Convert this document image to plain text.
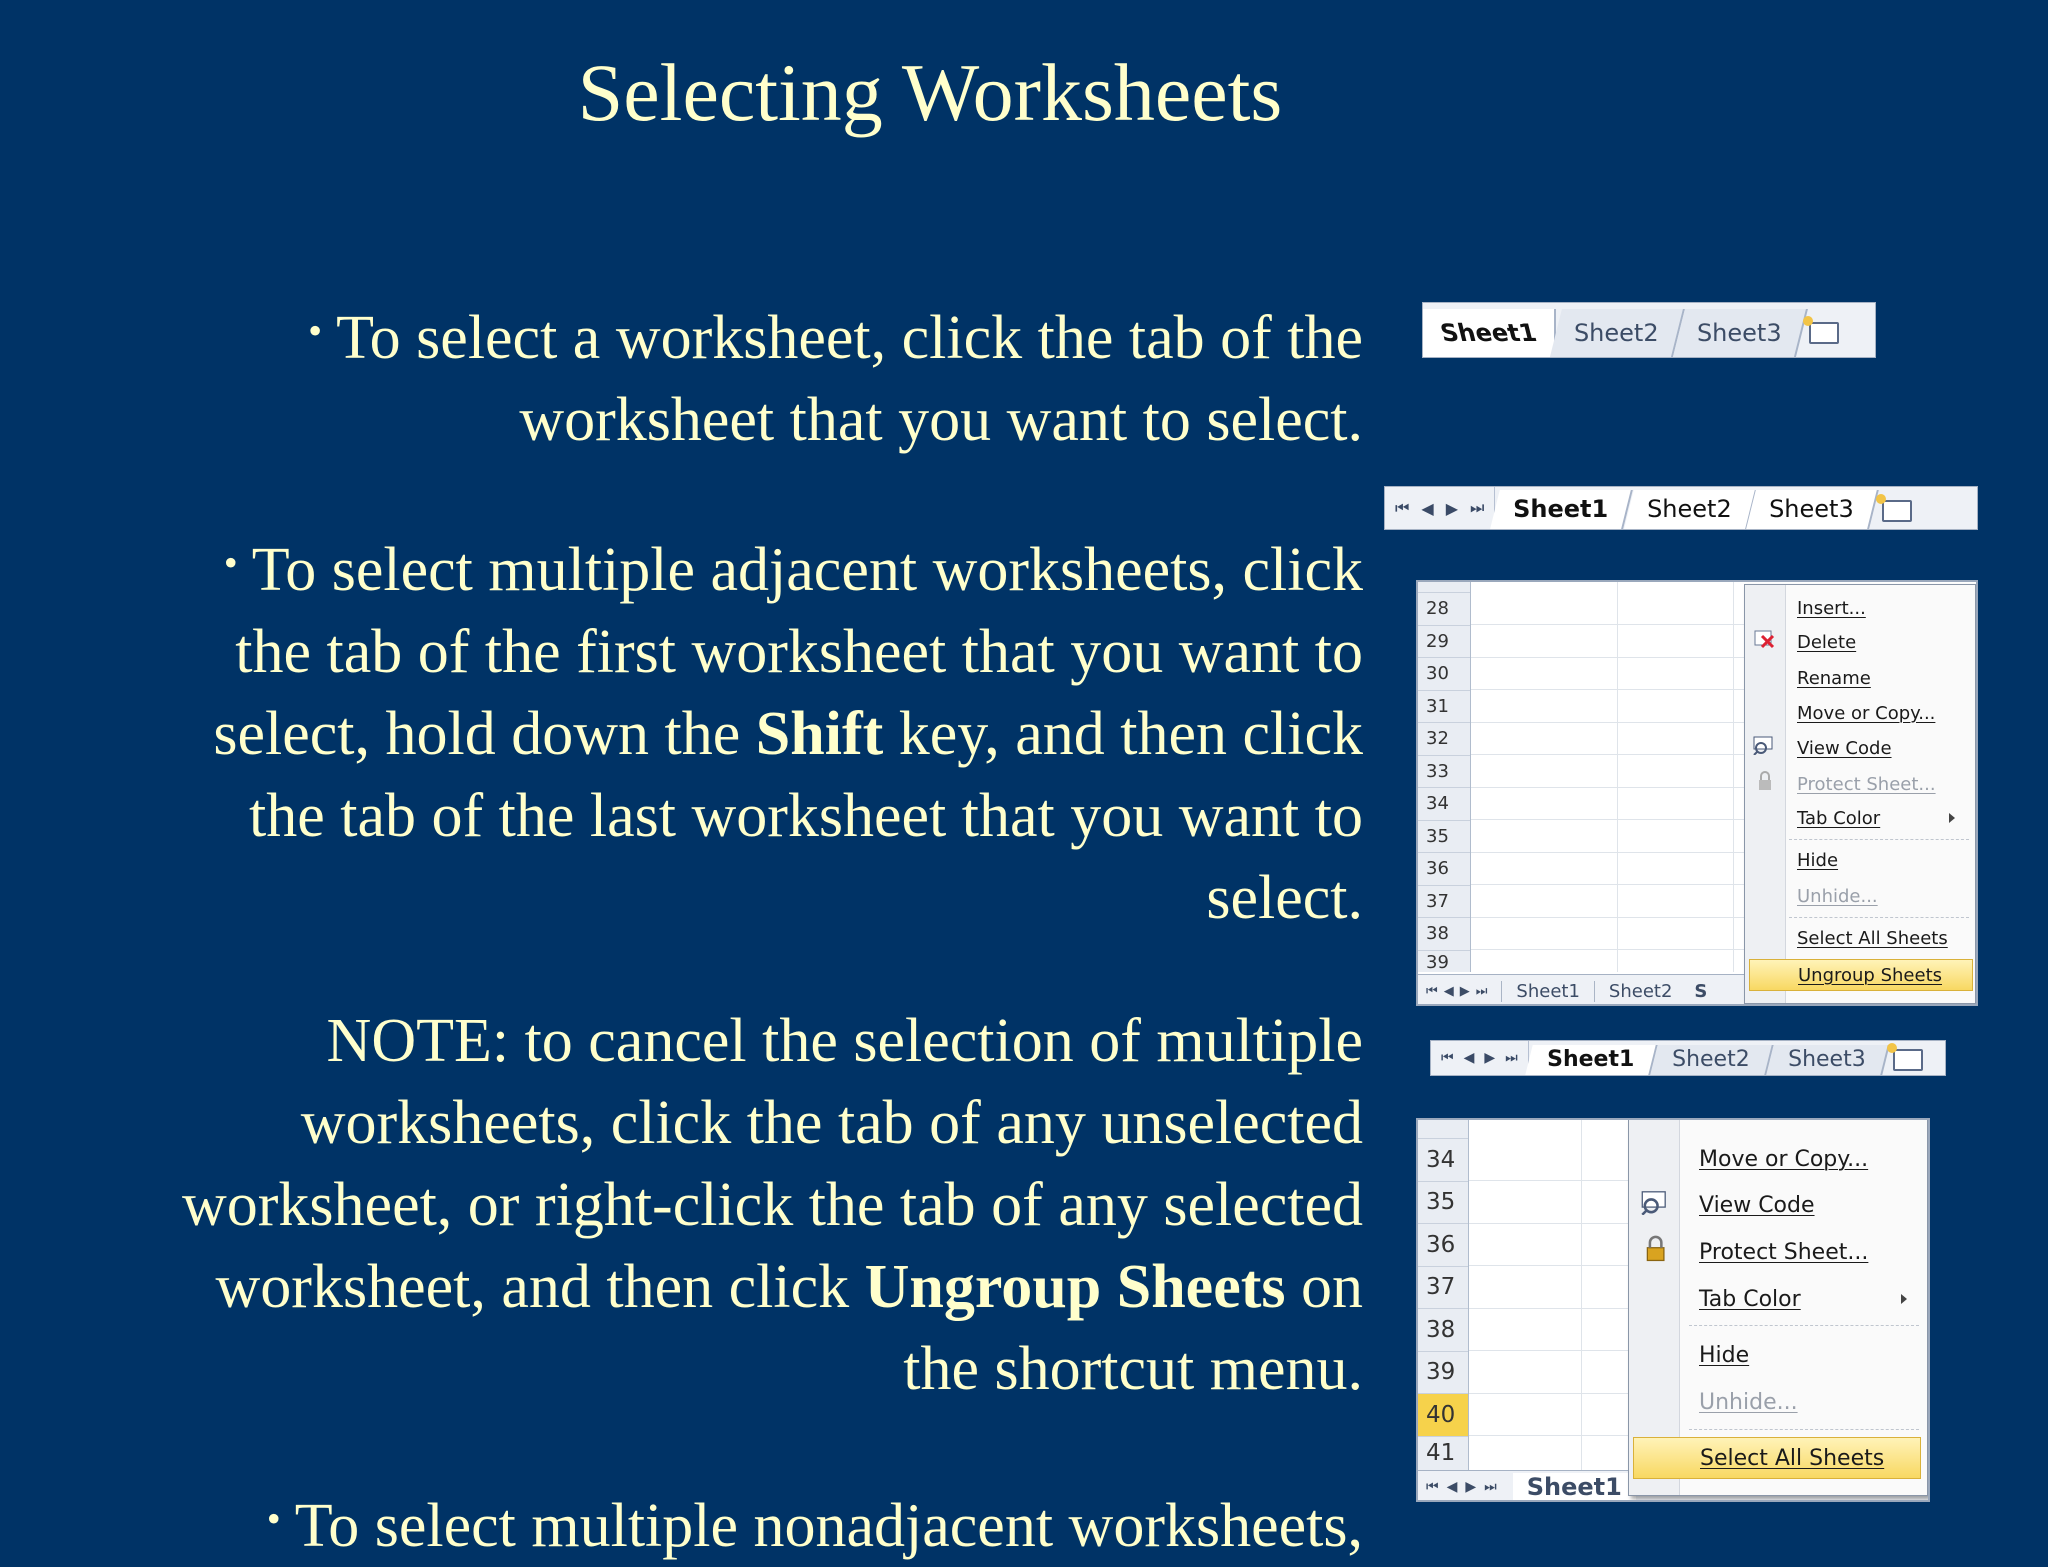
Selecting Worksheets
• To select a worksheet, click the tab of the
worksheet that you want to select.
• To select multiple adjacent worksheets, click
the tab of the first worksheet that you want to
select, hold down the Shift key, and then click
the tab of the last worksheet that you want to
select.
NOTE: to cancel the selection of multiple
worksheets, click the tab of any unselected
worksheet, or right-click the tab of any selected
worksheet, and then click Ungroup Sheets on
the shortcut menu.
• To select multiple nonadjacent worksheets,
Sheet1 Sheet2 Sheet3
⏮ ◀ ▶ ⏭ Sheet1 Sheet2 Sheet3
28
29
30
31
32
33
34
35
36
37
38
39
⏮◀▶⏭	Sheet1	Sheet2	S
Insert...
Delete
Rename
Move or Copy...
View Code
Protect Sheet...
Tab Color
Hide
Unhide...
Select All Sheets
Ungroup Sheets
⏮ ◀ ▶ ⏭ Sheet1 Sheet2 Sheet3
34
35
36
37
38
39
40
41
⏮◀▶⏭ Sheet1
Move or Copy...
View Code
Protect Sheet...
Tab Color
Hide
Unhide...
Select All Sheets
